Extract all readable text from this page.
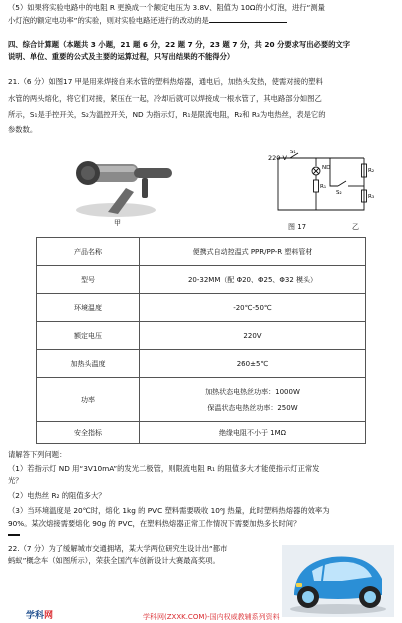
（5）如果将实验电路中的电阻 R 更换成一个额定电压为 3.8V、阻值为 10Ω的小灯泡，进行“测量
小灯泡的额定电功率”的实验，则对实验电路还进行的改动的是
四、综合计算题（本题共 3 小题，21 题 6 分，22 题 7 分，23 题 7 分，共 20 分要求写出必要的文字
说明、单位、重要的公式及主要的运算过程，只写出结果的不能得分）
21.（6 分）如图17 甲是用来焊接自来水管的塑料热熔器，通电后，加热头发热，使需对接的塑料
水管的两头熔化，将它们对接，紧压在一起，冷却后就可以焊接成一根水管了，其电路部分如图乙
所示，S₁是手控开关，S₂为温控开关，ND 为指示灯，R₁是限流电阻，R₂和 R₃为电热丝，表是它的
参数数。
甲
220 V
S₁
ND
R₁
S₂
R₂
R₃
图 17	乙
产品名称	便携式自动控温式 PPR/PP-R 塑料管材
型号	20-32MM（配 Φ20、Φ25、Φ32 模头）
环境温度	-20℃-50℃
额定电压	220V
加热头温度	260±5℃
功率	加热状态电热丝功率：1000W
保温状态电热丝功率：250W

安全指标	绝缘电阻不小于 1MΩ
请解答下列问题：
（1）若指示灯 ND 用“3V10mA”的发光二极管，则限流电阻 R₁ 的阻值多大才能使指示灯正常发
光？
（2）电热丝 R₂ 的阻值多大？
（3）当环境温度是 20℃时，熔化 1kg 的 PVC 塑料需要吸收 10⁶J 热量，此时塑料热熔器的效率为
90%。某次熔接需要熔化 90g 的 PVC，在塑料热熔器正常工作情况下需要加热多长时间？
22.（7 分）为了缓解城市交通拥堵，某大学两位研究生设计出“都市
蚂蚁”概念车（如图所示），荣获全国汽车创新设计大赛最高奖项。
学科网	学科网(ZXXK.COM)-国内权威教辅系列资料
